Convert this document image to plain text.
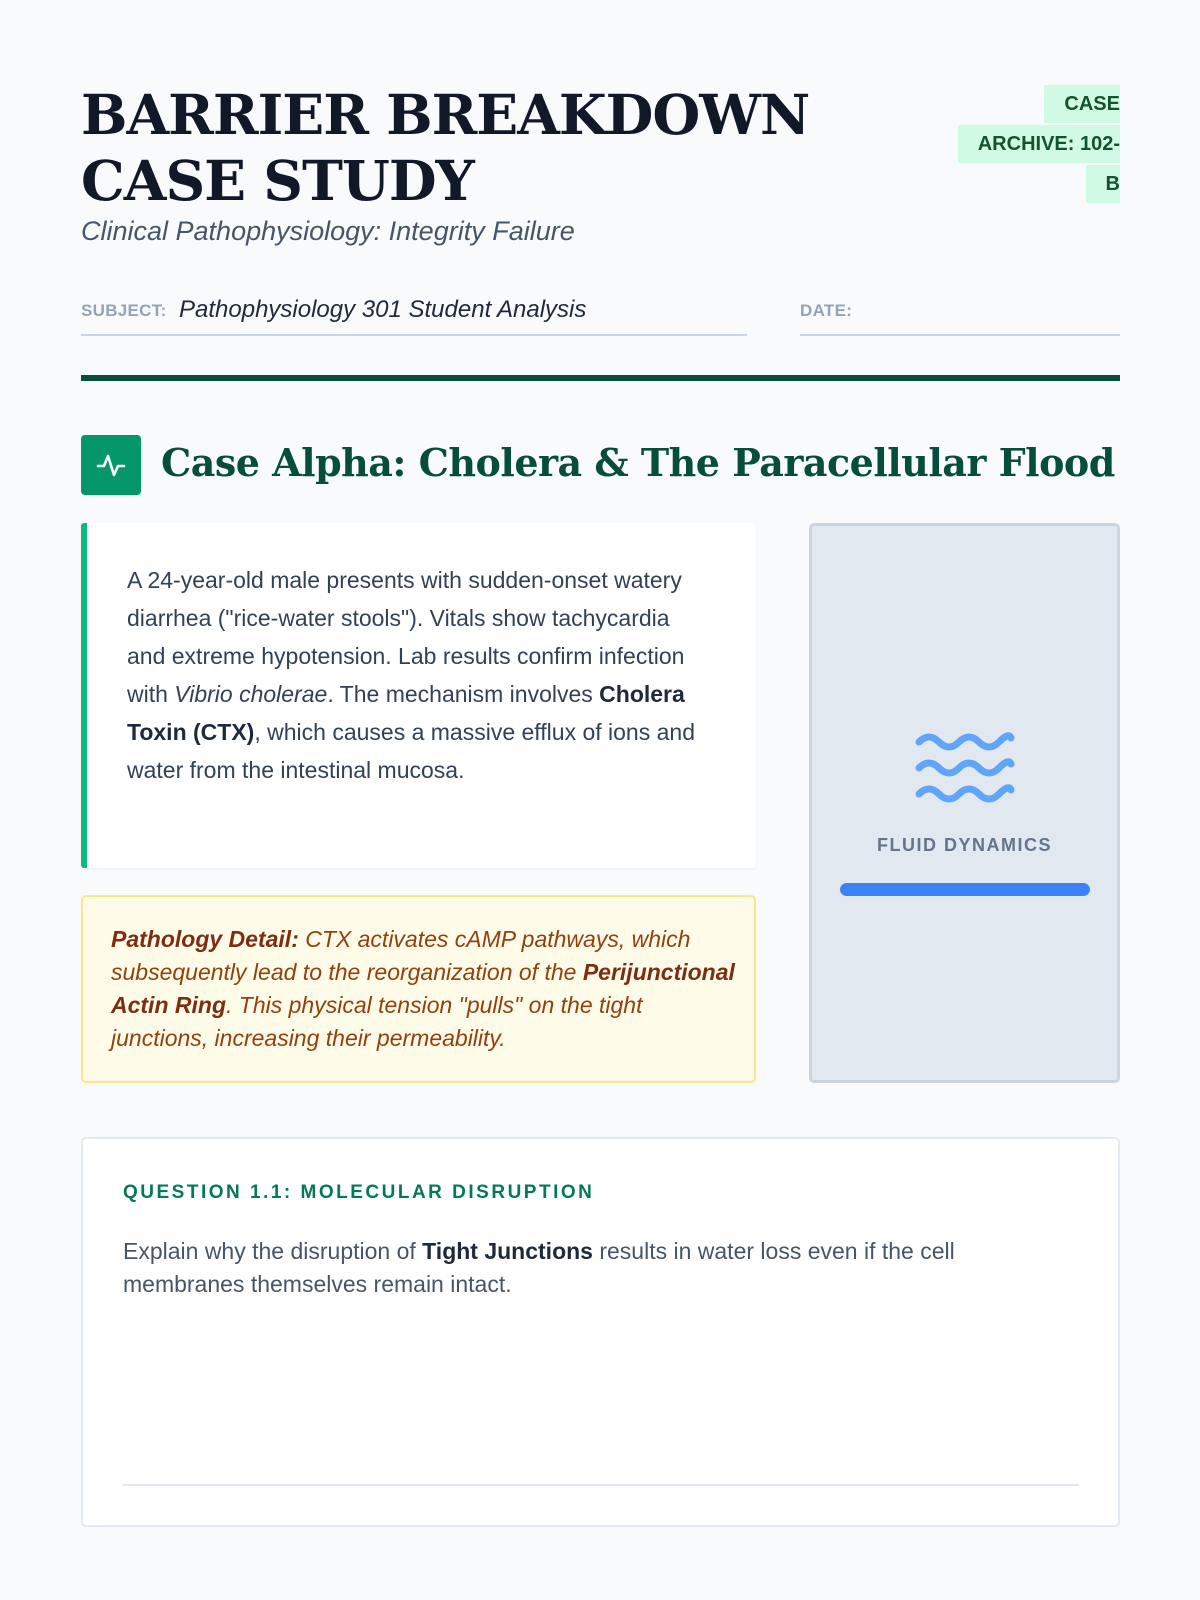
BARRIER BREAKDOWN CASE STUDY
Clinical Pathophysiology: Integrity Failure
CASE ARCHIVE: 102-B
SUBJECT: Pathophysiology 301 Student Analysis	DATE:
Case Alpha: Cholera & The Paracellular Flood

A 24-year-old male presents with sudden-onset watery diarrhea ("rice-water stools"). Vitals show tachycardia and extreme hypotension. Lab results confirm infection with Vibrio cholerae. The mechanism involves Cholera Toxin (CTX), which causes a massive efflux of ions and water from the intestinal mucosa.

Pathology Detail: CTX activates cAMP pathways, which subsequently lead to the reorganization of the Perijunctional Actin Ring. This physical tension "pulls" on the tight junctions, increasing their permeability.

FLUID DYNAMICS
QUESTION 1.1: MOLECULAR DISRUPTION

Explain why the disruption of Tight Junctions results in water loss even if the cell membranes themselves remain intact.
